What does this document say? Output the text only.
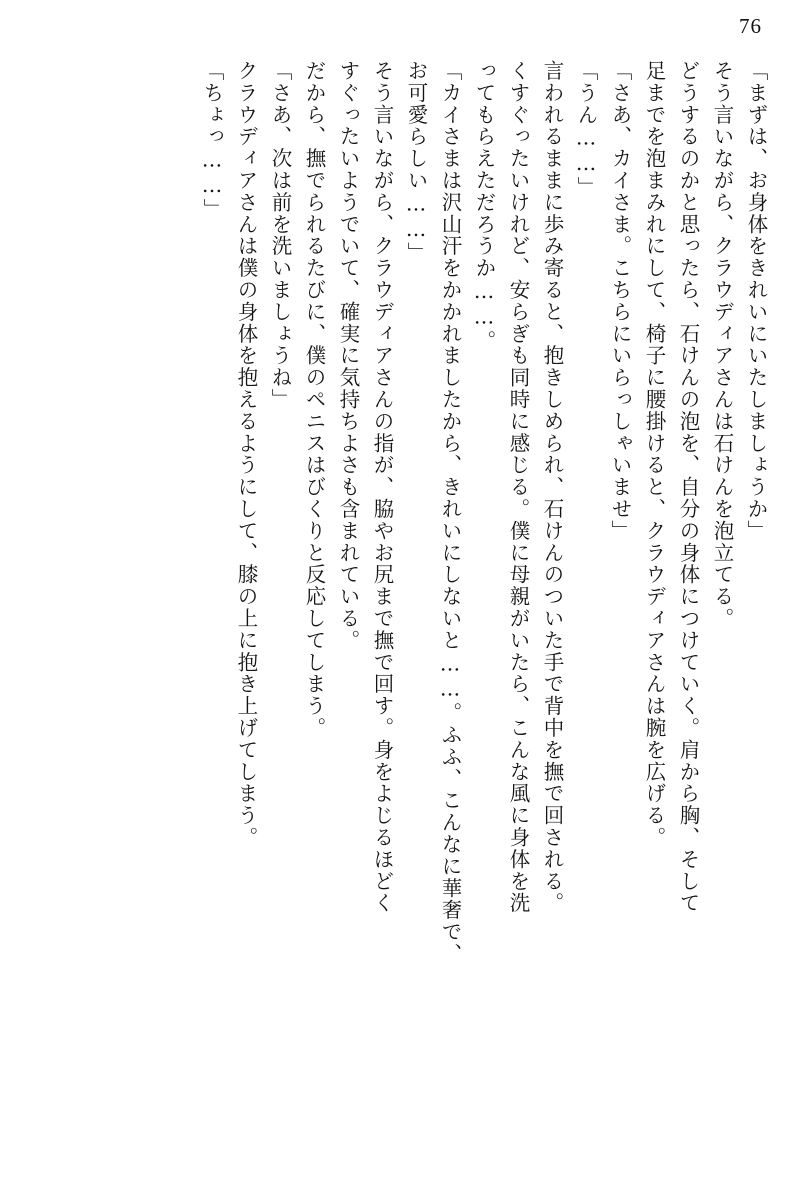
76
「まずは、お身体をきれいにいたしましょうか」
そう言いながら、クラウディアさんは石けんを泡立てる。
どうするのかと思ったら、石けんの泡を、自分の身体につけていく。肩から胸、そして
足までを泡まみれにして、椅子に腰掛けると、クラウディアさんは腕を広げる。
「さあ、カイさま。こちらにいらっしゃいませ」
「うん……」
言われるままに歩み寄ると、抱きしめられ、石けんのついた手で背中を撫で回される。
くすぐったいけれど、安らぎも同時に感じる。僕に母親がいたら、こんな風に身体を洗
ってもらえただろうか……。
「カイさまは沢山汗をかかれましたから、きれいにしないと……。ふふ、こんなに華奢で、
お可愛らしい……」
そう言いながら、クラウディアさんの指が、脇やお尻まで撫で回す。身をよじるほどく
すぐったいようでいて、確実に気持ちよさも含まれている。
だから、撫でられるたびに、僕のペニスはびくりと反応してしまう。
「さあ、次は前を洗いましょうね」
クラウディアさんは僕の身体を抱えるようにして、膝の上に抱き上げてしまう。
「ちょっ……」
